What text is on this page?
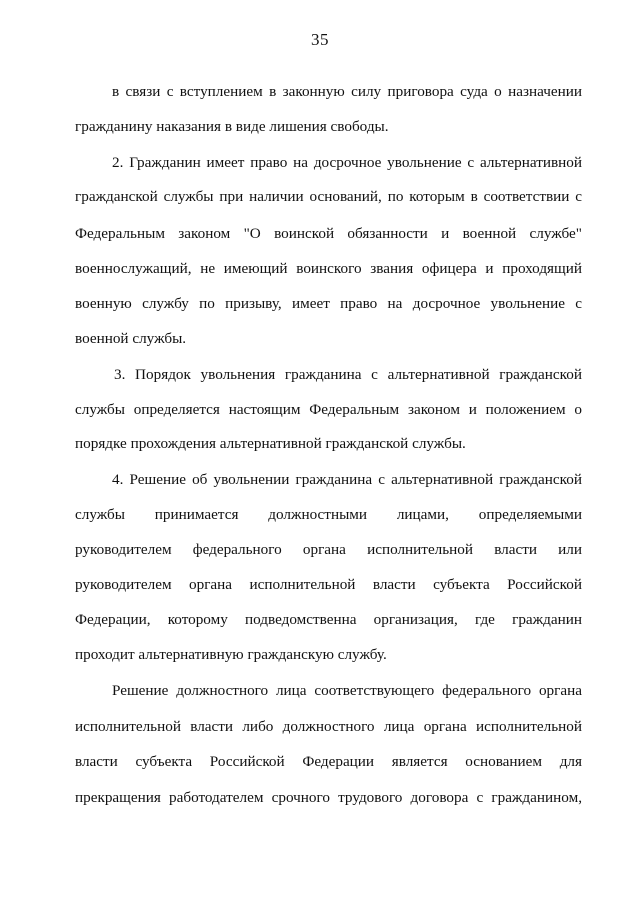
35
в связи с вступлением в законную силу приговора суда о назначении
гражданину наказания в виде лишения свободы.
2. Гражданин имеет право на досрочное увольнение с альтернативной
гражданской службы при наличии оснований, по которым в соответствии с
Федеральным законом "О воинской обязанности и военной службе"
военнослужащий, не имеющий воинского звания офицера и проходящий
военную службу по призыву, имеет право на досрочное увольнение с
военной службы.
3. Порядок увольнения гражданина с альтернативной гражданской
службы определяется настоящим Федеральным законом и положением о
порядке прохождения альтернативной гражданской службы.
4. Решение об увольнении гражданина с альтернативной гражданской
службы принимается должностными лицами, определяемыми
руководителем федерального органа исполнительной власти или
руководителем органа исполнительной власти субъекта Российской
Федерации, которому подведомственна организация, где гражданин
проходит альтернативную гражданскую службу.
Решение должностного лица соответствующего федерального органа
исполнительной власти либо должностного лица органа исполнительной
власти субъекта Российской Федерации является основанием для
прекращения работодателем срочного трудового договора с гражданином,
